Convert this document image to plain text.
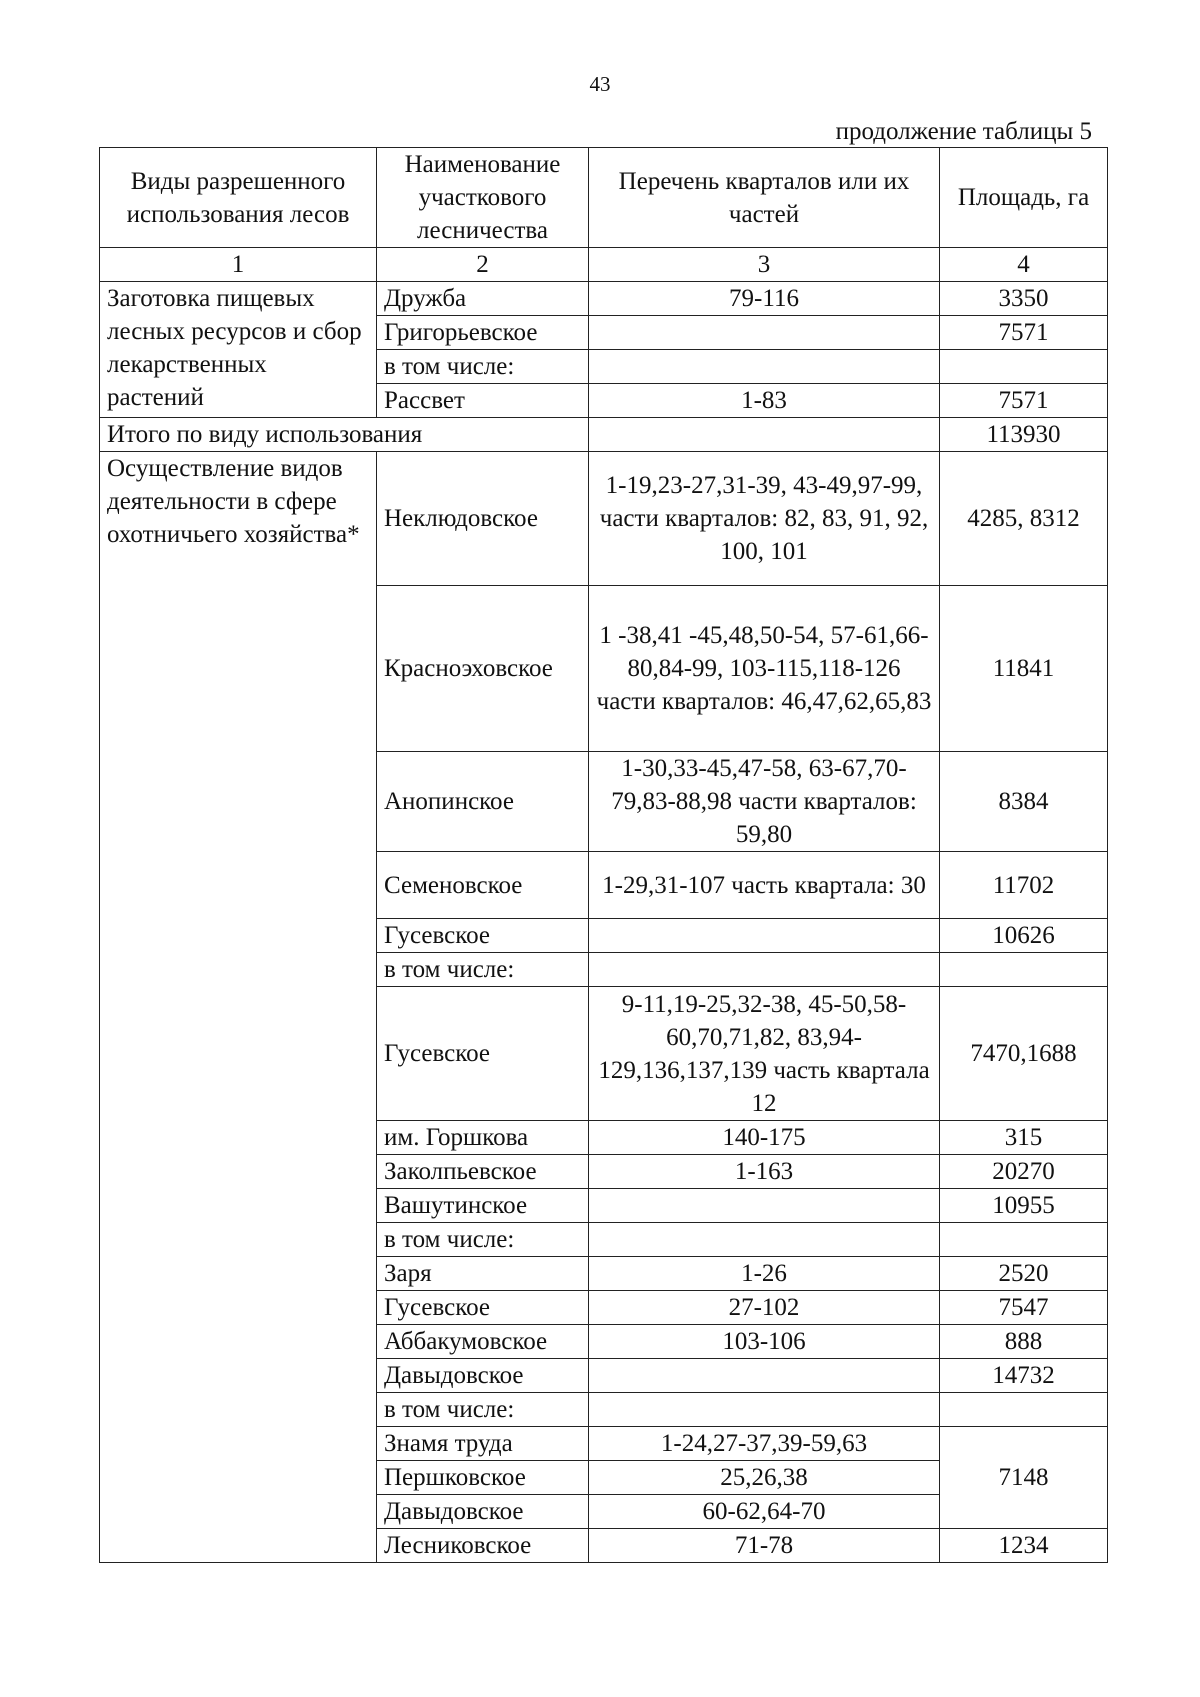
43
продолжение таблицы 5
Виды разрешенного использования лесов	Наименование участкового лесничества	Перечень кварталов или их частей	Площадь, га
1	2	3	4
Заготовка пищевых лесных ресурсов и сбор лекарственных растений	Дружба	79-116	3350
	Григорьевское		7571
	в том числе:		
	Рассвет	1-83	7571
Итого по виду использования			113930
Осуществление видов деятельности в сфере охотничьего хозяйства*	Неклюдовское	1-19,23-27,31-39, 43-49,97-99, части кварталов: 82, 83, 91, 92, 100, 101	4285, 8312
	Красноэховское	1 -38,41 -45,48,50-54, 57-61,66-80,84-99, 103-115,118-126 части кварталов: 46,47,62,65,83	11841
	Анопинское	1-30,33-45,47-58, 63-67,70-79,83-88,98 части кварталов: 59,80	8384
	Семеновское	1-29,31-107 часть квартала: 30	11702
	Гусевское		10626
	в том числе:		
	Гусевское	9-11,19-25,32-38, 45-50,58-60,70,71,82, 83,94-129,136,137,139 часть квартала 12	7470,1688
	им. Горшкова	140-175	315
	Заколпьевское	1-163	20270
	Вашутинское		10955
	в том числе:		
	Заря	1-26	2520
	Гусевское	27-102	7547
	Аббакумовское	103-106	888
	Давыдовское		14732
	в том числе:		
	Знамя труда	1-24,27-37,39-59,63	7148
	Першковское	25,26,38	
	Давыдовское	60-62,64-70	
	Лесниковское	71-78	1234
